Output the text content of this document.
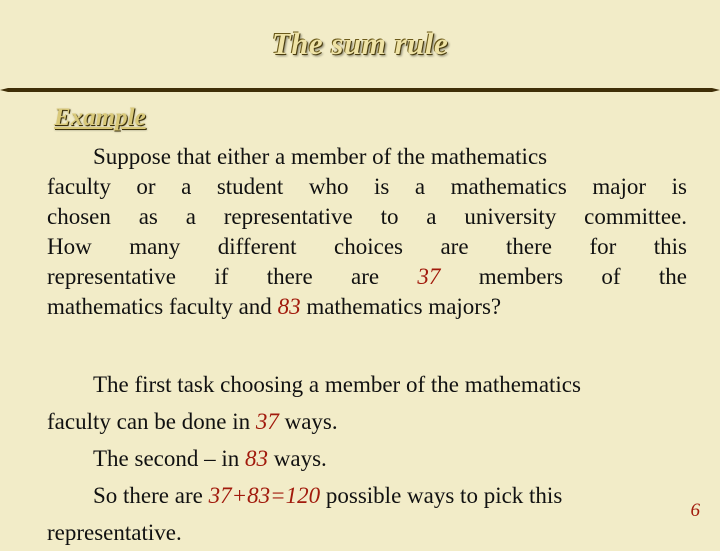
The sum rule
Example
Suppose that either a member of the mathematics
faculty or a student who is a mathematics major is
chosen as a representative to a university committee.
How many different choices are there for this
representative if there are 37 members of the
mathematics faculty and 83 mathematics majors?
The first task choosing a member of the mathematics
faculty can be done in 37 ways.
The second – in 83 ways.
So there are 37+83=120 possible ways to pick this
representative.
6
